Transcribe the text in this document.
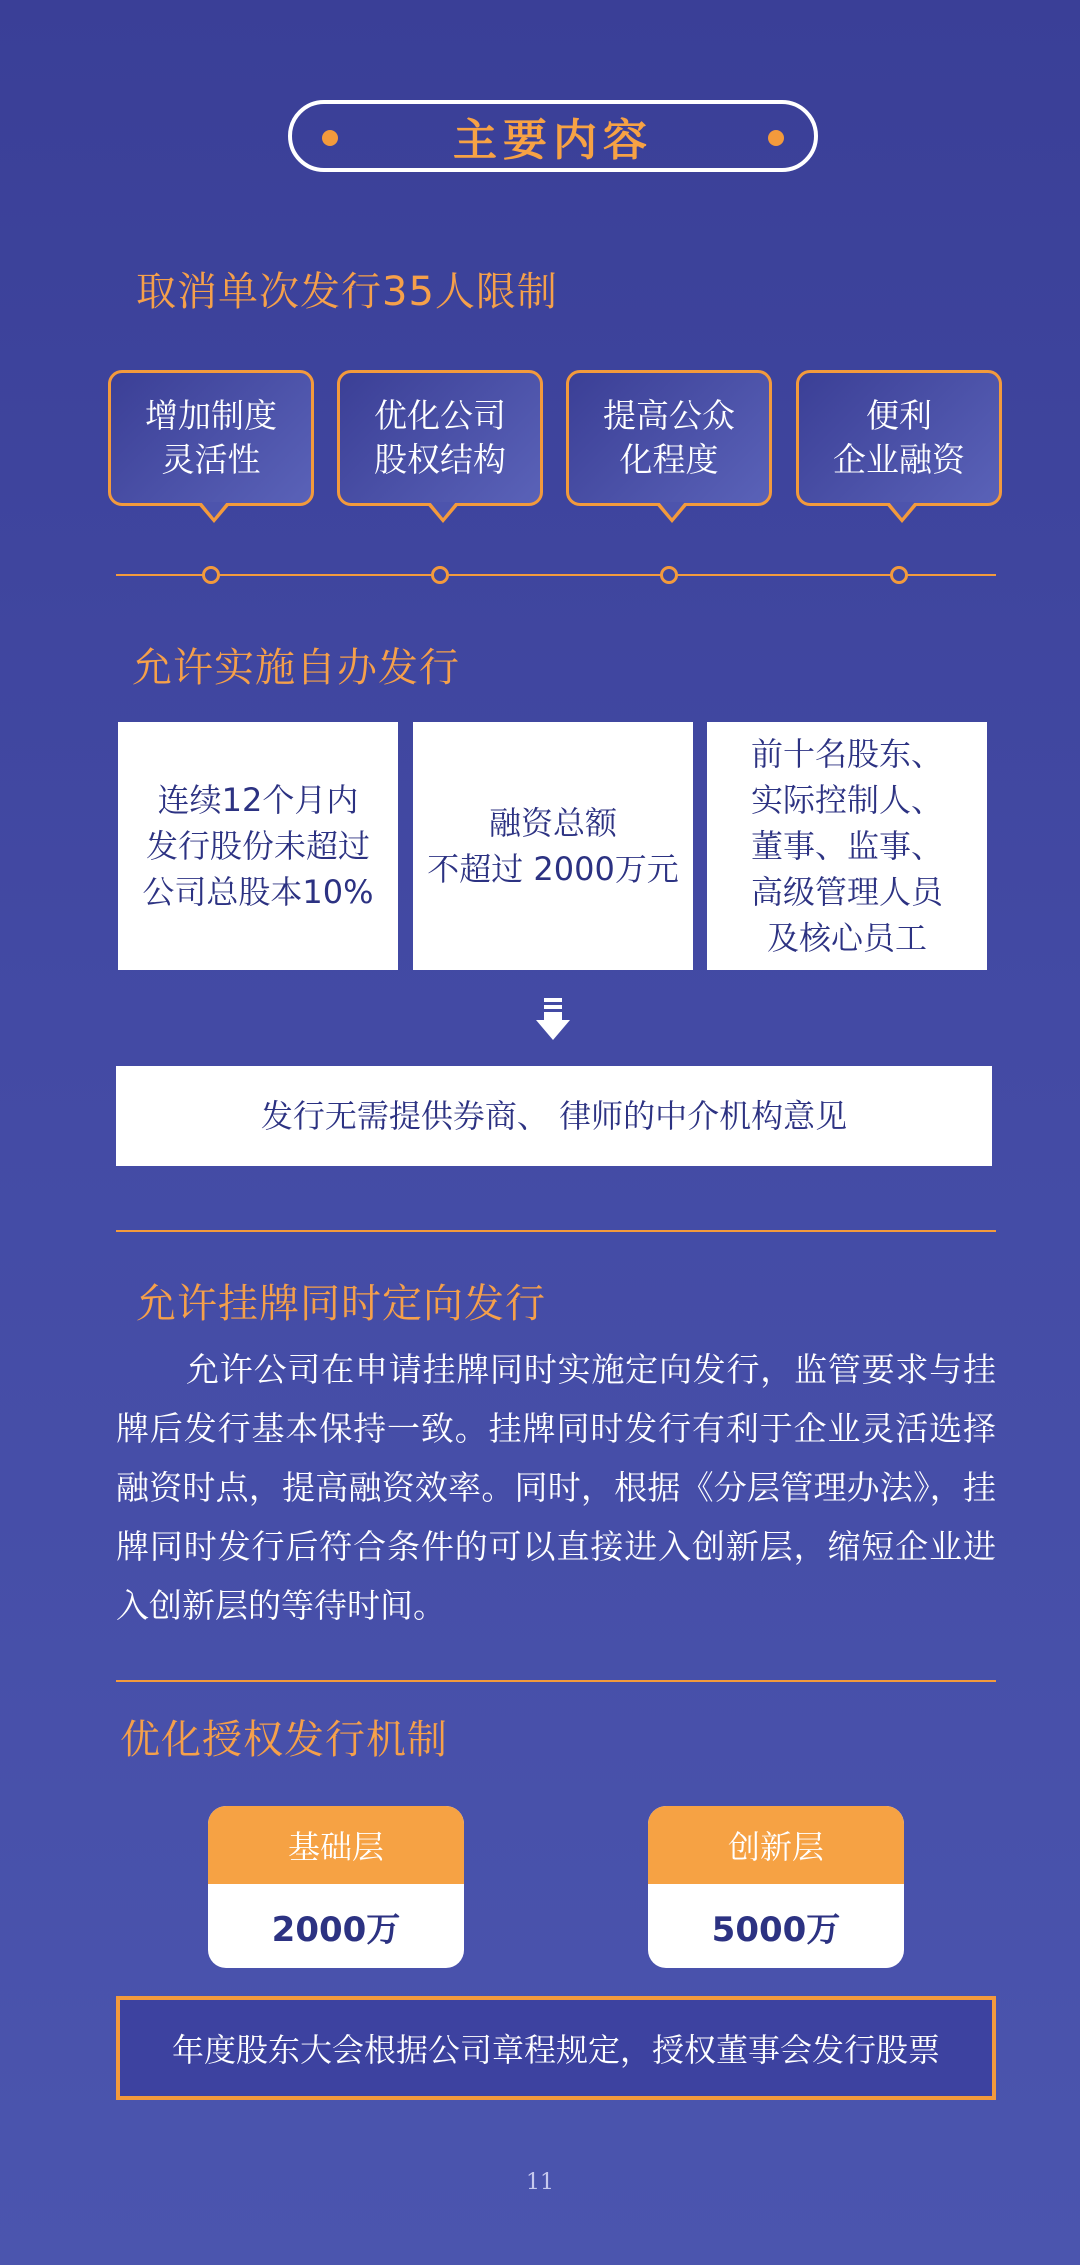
主要内容
取消单次发行35人限制
增加制度
灵活性
优化公司
股权结构
提高公众
化程度
便利
企业融资
允许实施自办发行
连续12个月内
发行股份未超过
公司总股本10%
融资总额
不超过 2000万元
前十名股东、
实际控制人、
董事、监事、
高级管理人员
及核心员工
发行无需提供券商、 律师的中介机构意见
允许挂牌同时定向发行
允许公司在申请挂牌同时实施定向发行，监管要求与挂牌后发行基本保持一致。挂牌同时发行有利于企业灵活选择融资时点，提高融资效率。同时，根据《分层管理办法》，挂牌同时发行后符合条件的可以直接进入创新层，缩短企业进入创新层的等待时间。
优化授权发行机制
基础层
2000万
创新层
5000万
年度股东大会根据公司章程规定，授权董事会发行股票
11
